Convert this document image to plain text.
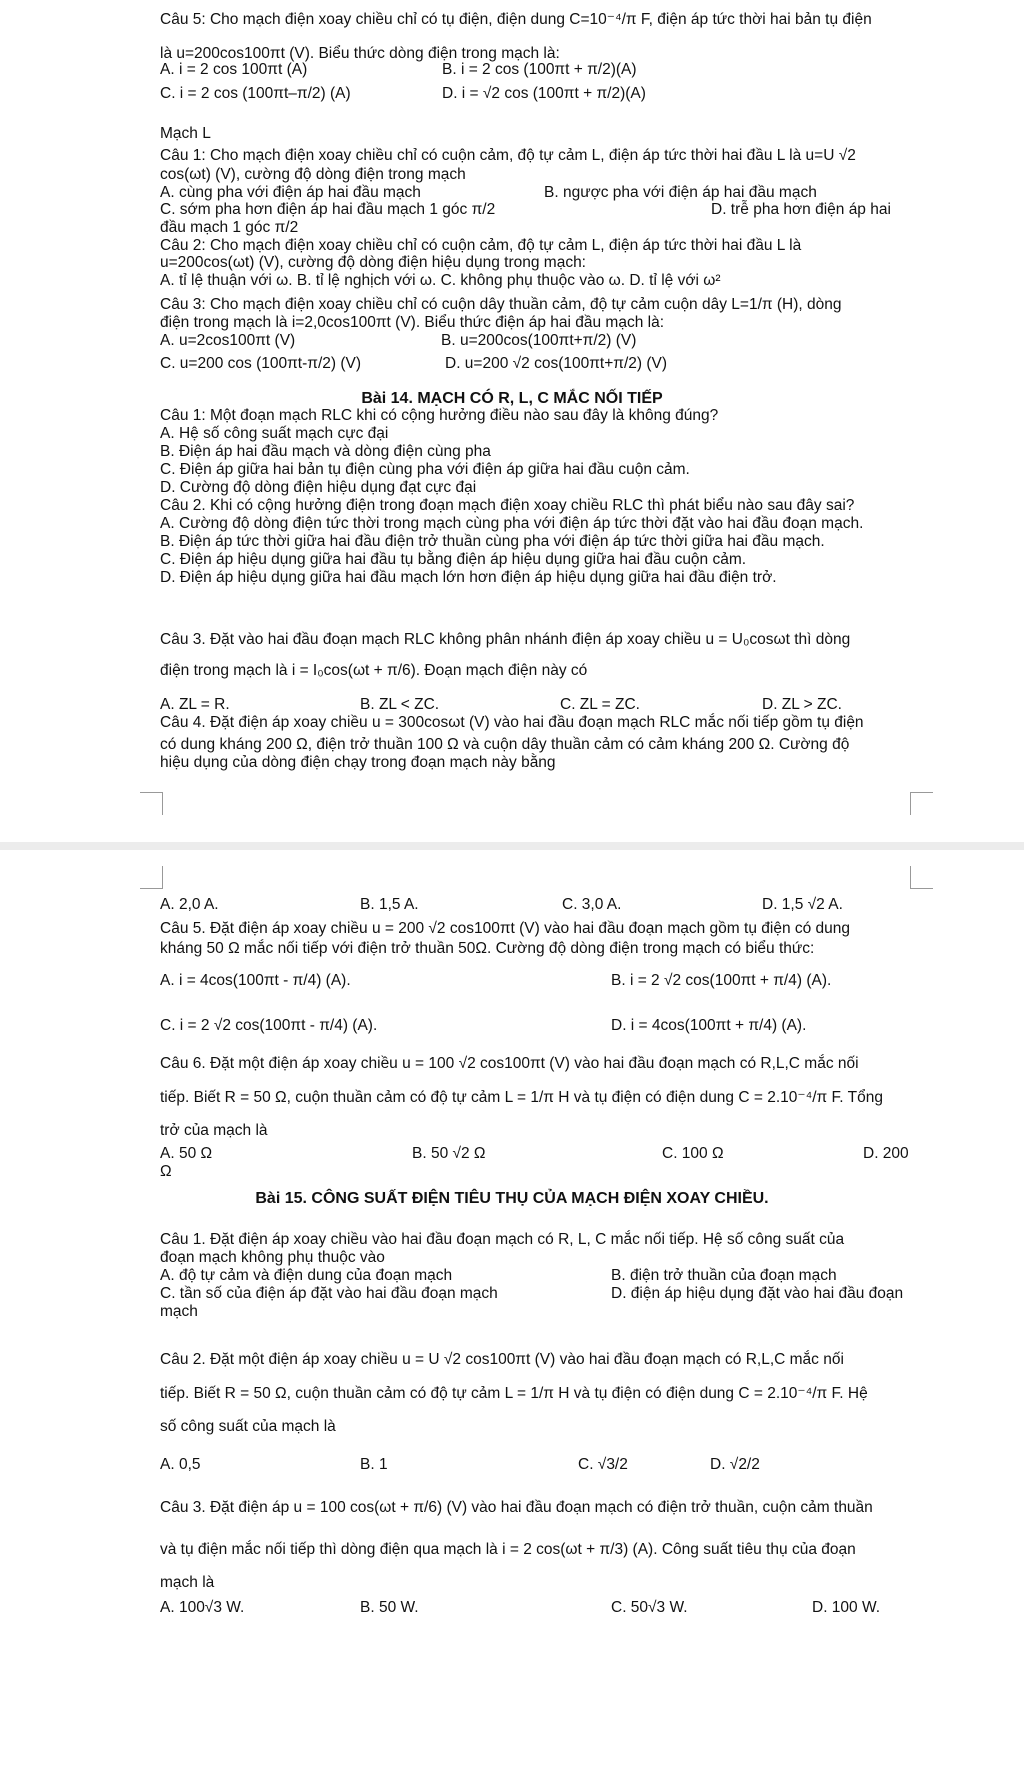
Câu 5: Cho mạch điện xoay chiều chỉ có tụ điện, điện dung C=10⁻⁴/π F, điện áp tức thời hai bản tụ điện
là u=200cos100πt (V). Biểu thức dòng điện trong mạch là:
A. i = 2 cos 100πt (A)	B. i = 2 cos (100πt + π/2)(A)
C. i = 2 cos (100πt–π/2) (A)	D. i = √2 cos (100πt + π/2)(A)
Mạch L
Câu 1: Cho mạch điện xoay chiều chỉ có cuộn cảm, độ tự cảm L, điện áp tức thời hai đầu L là u=U √2
cos(ωt) (V), cường độ dòng điện trong mạch
A. cùng pha với điện áp hai đầu mạch	B. ngược pha với điện áp hai đầu mạch
C. sớm pha hơn điện áp hai đầu mạch 1 góc π/2	D. trễ pha hơn điện áp hai
đầu mạch 1 góc π/2
Câu 2: Cho mạch điện xoay chiều chỉ có cuộn cảm, độ tự cảm L, điện áp tức thời hai đầu L là
u=200cos(ωt) (V), cường độ dòng điện hiệu dụng trong mạch:
A. tỉ lệ thuận với ω. B. tỉ lệ nghịch với ω. C. không phụ thuộc vào ω. D. tỉ lệ với ω²
Câu 3: Cho mạch điện xoay chiều chỉ có cuộn dây thuần cảm, độ tự cảm cuộn dây L=1/π (H), dòng
điện trong mạch là i=2,0cos100πt (V). Biểu thức điện áp hai đầu mạch là:
A. u=2cos100πt (V)	B. u=200cos(100πt+π/2) (V)
C. u=200 cos (100πt-π/2) (V)	D. u=200 √2 cos(100πt+π/2) (V)
Bài 14. MẠCH CÓ R, L, C MẮC NỐI TIẾP
Câu 1: Một đoạn mạch RLC khi có cộng hưởng điều nào sau đây là không đúng?
A. Hệ số công suất mạch cực đại
B. Điện áp hai đầu mạch và dòng điện cùng pha
C. Điện áp giữa hai bản tụ điện cùng pha với điện áp giữa hai đầu cuộn cảm.
D. Cường độ dòng điện hiệu dụng đạt cực đại
Câu 2. Khi có cộng hưởng điện trong đoạn mạch điện xoay chiều RLC thì phát biểu nào sau đây sai?
A. Cường độ dòng điện tức thời trong mạch cùng pha với điện áp tức thời đặt vào hai đầu đoạn mạch.
B. Điện áp tức thời giữa hai đầu điện trở thuần cùng pha với điện áp tức thời giữa hai đầu mạch.
C. Điện áp hiệu dụng giữa hai đầu tụ bằng điện áp hiệu dụng giữa hai đầu cuộn cảm.
D. Điện áp hiệu dụng giữa hai đầu mạch lớn hơn điện áp hiệu dụng giữa hai đầu điện trở.
Câu 3. Đặt vào hai đầu đoạn mạch RLC không phân nhánh điện áp xoay chiều u = U₀cosωt thì dòng
điện trong mạch là i = I₀cos(ωt + π/6). Đoạn mạch điện này có
A. ZL = R.	B. ZL < ZC.	C. ZL = ZC.	D. ZL > ZC.
Câu 4. Đặt điện áp xoay chiều u = 300cosωt (V) vào hai đầu đoạn mạch RLC mắc nối tiếp gồm tụ điện
có dung kháng 200 Ω, điện trở thuần 100 Ω và cuộn dây thuần cảm có cảm kháng 200 Ω. Cường độ
hiệu dụng của dòng điện chạy trong đoạn mạch này bằng
A. 2,0 A.	B. 1,5 A.	C. 3,0 A.	D. 1,5 √2 A.
Câu 5. Đặt điện áp xoay chiều u = 200 √2 cos100πt (V) vào hai đầu đoạn mạch gồm tụ điện có dung
kháng 50 Ω mắc nối tiếp với điện trở thuần 50Ω. Cường độ dòng điện trong mạch có biểu thức:
A. i = 4cos(100πt - π/4) (A).	B. i = 2 √2 cos(100πt + π/4) (A).
C. i = 2 √2 cos(100πt - π/4) (A).	D. i = 4cos(100πt + π/4) (A).
Câu 6. Đặt một điện áp xoay chiều u = 100 √2 cos100πt (V) vào hai đầu đoạn mạch có R,L,C mắc nối
tiếp. Biết R = 50 Ω, cuộn thuần cảm có độ tự cảm L = 1/π H và tụ điện có điện dung C = 2.10⁻⁴/π F. Tổng
trở của mạch là
A. 50 Ω	B. 50 √2 Ω	C. 100 Ω	D. 200
Ω
Bài 15. CÔNG SUẤT ĐIỆN TIÊU THỤ CỦA MẠCH ĐIỆN XOAY CHIỀU.
Câu 1. Đặt điện áp xoay chiều vào hai đầu đoạn mạch có R, L, C mắc nối tiếp. Hệ số công suất của
đoạn mạch không phụ thuộc vào
A. độ tự cảm và điện dung của đoạn mạch	B. điện trở thuần của đoạn mạch
C. tần số của điện áp đặt vào hai đầu đoạn mạch	D. điện áp hiệu dụng đặt vào hai đầu đoạn
mạch
Câu 2. Đặt một điện áp xoay chiều u = U √2 cos100πt (V) vào hai đầu đoạn mạch có R,L,C mắc nối
tiếp. Biết R = 50 Ω, cuộn thuần cảm có độ tự cảm L = 1/π H và tụ điện có điện dung C = 2.10⁻⁴/π F. Hệ
số công suất của mạch là
A. 0,5	B. 1	C. √3/2	D. √2/2
Câu 3. Đặt điện áp u = 100 cos(ωt + π/6) (V) vào hai đầu đoạn mạch có điện trở thuần, cuộn cảm thuần
và tụ điện mắc nối tiếp thì dòng điện qua mạch là i = 2 cos(ωt + π/3) (A). Công suất tiêu thụ của đoạn
mạch là
A. 100√3 W.	B. 50 W.	C. 50√3 W.	D. 100 W.
